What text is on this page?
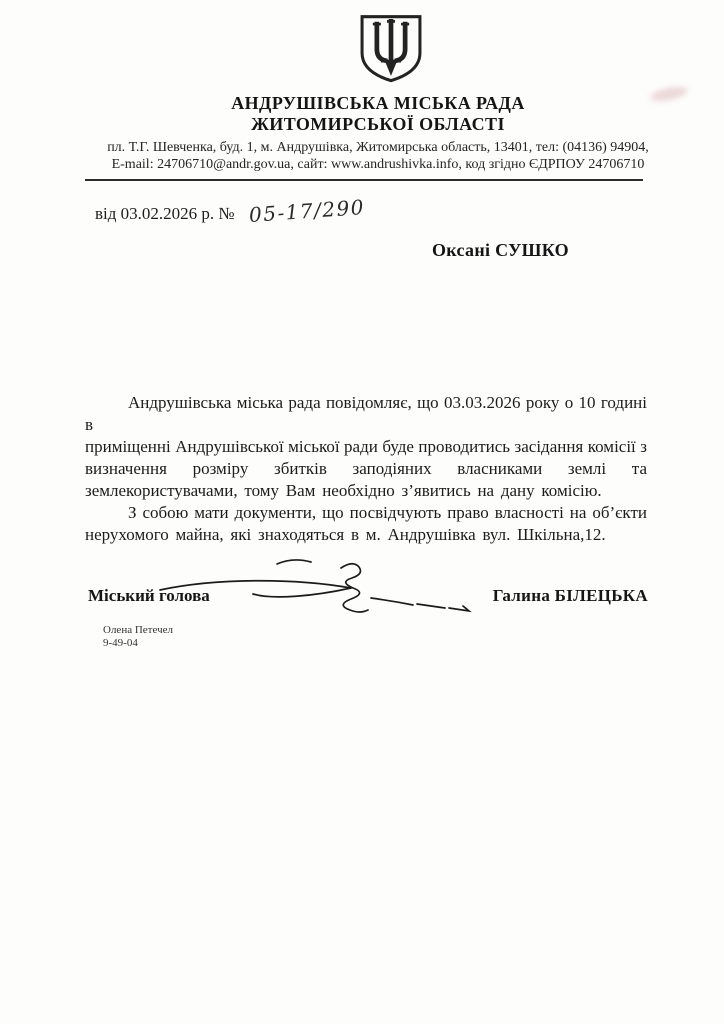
АНДРУШІВСЬКА МІСЬКА РАДА
ЖИТОМИРСЬКОЇ ОБЛАСТІ
пл. Т.Г. Шевченка, буд. 1, м. Андрушівка, Житомирська область, 13401, тел: (04136) 94904,
E-mail: 24706710@andr.gov.ua, сайт: www.andrushivka.info, код згідно ЄДРПОУ 24706710
від 03.02.2026 р. № 05-17/290
Оксані СУШКО
Андрушівська міська рада повідомляє, що 03.03.2026 року о 10 годині в
приміщенні Андрушівської міської ради буде проводитись засідання комісії з
визначення розміру збитків заподіяних власниками землі та
землекористувачами, тому Вам необхідно з’явитись на дану комісію.
З собою мати документи, що посвідчують право власності на об’єкти
нерухомого майна, які знаходяться в м. Андрушівка вул. Шкільна,12.
Міський голова	Галина БІЛЕЦЬКА
Олена Петечел
9-49-04
